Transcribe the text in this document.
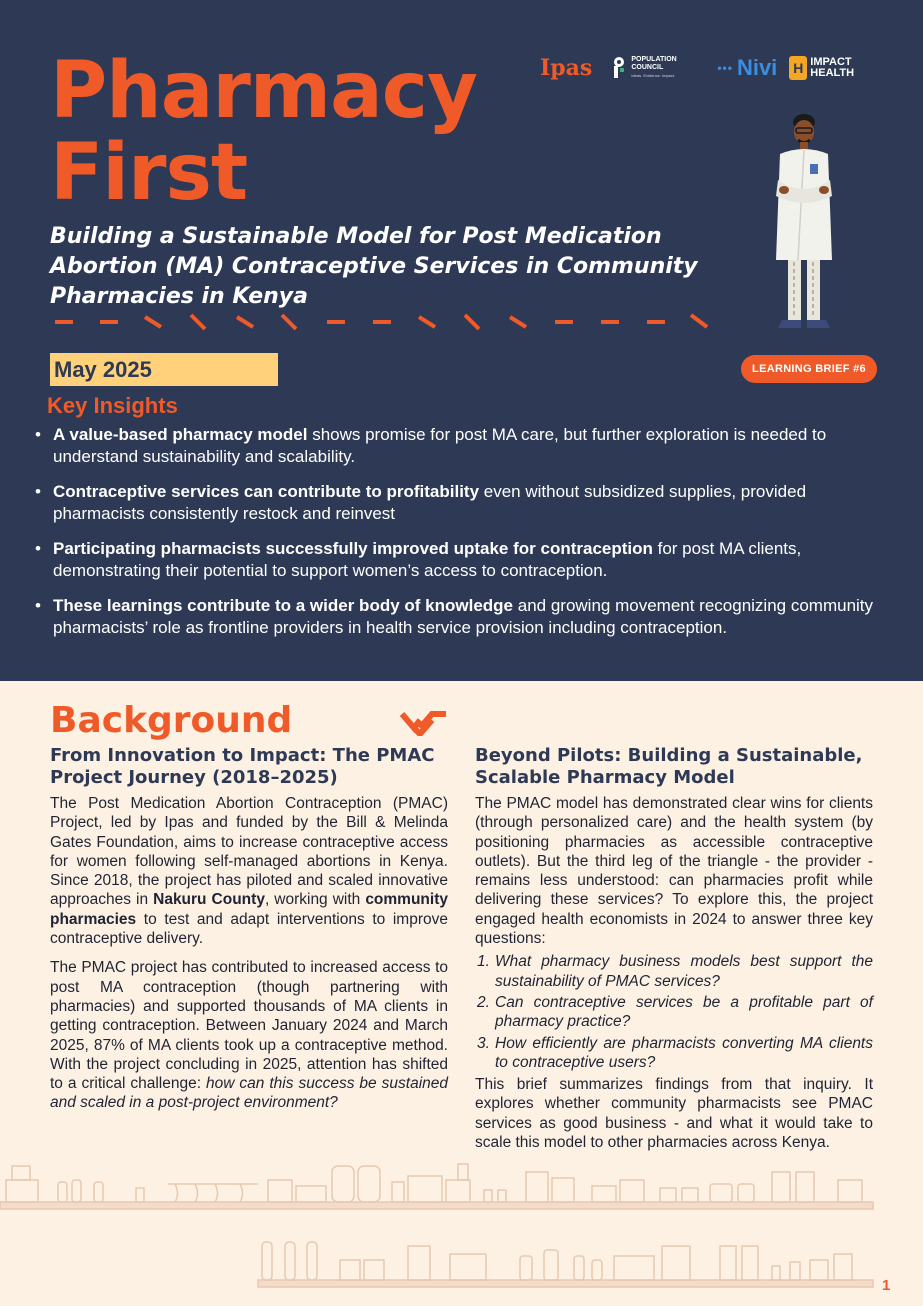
Pharmacy
First
Building a Sustainable Model for Post Medication Abortion (MA) Contraceptive Services in Community Pharmacies in Kenya
Ipas	POPULATION COUNCIL
Ideas. Evidence. Impact.
••• Nivi H IMPACT HEALTH
May 2025	LEARNING BRIEF #6
Key Insights
• A value-based pharmacy model shows promise for post MA care, but further exploration is needed to understand sustainability and scalability.
• Contraceptive services can contribute to profitability even without subsidized supplies, provided pharmacists consistently restock and reinvest
• Participating pharmacists successfully improved uptake for contraception for post MA clients, demonstrating their potential to support women’s access to contraception.
• These learnings contribute to a wider body of knowledge and growing movement recognizing community pharmacists’ role as frontline providers in health service provision including contraception.
Background
From Innovation to Impact: The PMAC Project Journey (2018–2025)

The Post Medication Abortion Contraception (PMAC) Project, led by Ipas and funded by the Bill & Melinda Gates Foundation, aims to increase contraceptive access for women following self-managed abortions in Kenya. Since 2018, the project has piloted and scaled innovative approaches in Nakuru County, working with community pharmacies to test and adapt interventions to improve contraceptive delivery.

The PMAC project has contributed to increased access to post MA contraception (though partnering with pharmacies) and supported thousands of MA clients in getting contraception. Between January 2024 and March 2025, 87% of MA clients took up a contraceptive method. With the project concluding in 2025, attention has shifted to a critical challenge: how can this success be sustained and scaled in a post-project environment?

Beyond Pilots: Building a Sustainable, Scalable Pharmacy Model

The PMAC model has demonstrated clear wins for clients (through personalized care) and the health system (by positioning pharmacies as accessible contraceptive outlets). But the third leg of the triangle - the provider - remains less understood: can pharmacies profit while delivering these services? To explore this, the project engaged health economists in 2024 to answer three key questions:

1. What pharmacy business models best support the sustainability of PMAC services?
2. Can contraceptive services be a profitable part of pharmacy practice?
3. How efficiently are pharmacists converting MA clients to contraceptive users?

This brief summarizes findings from that inquiry. It explores whether community pharmacists see PMAC services as good business - and what it would take to scale this model to other pharmacies across Kenya.

1
